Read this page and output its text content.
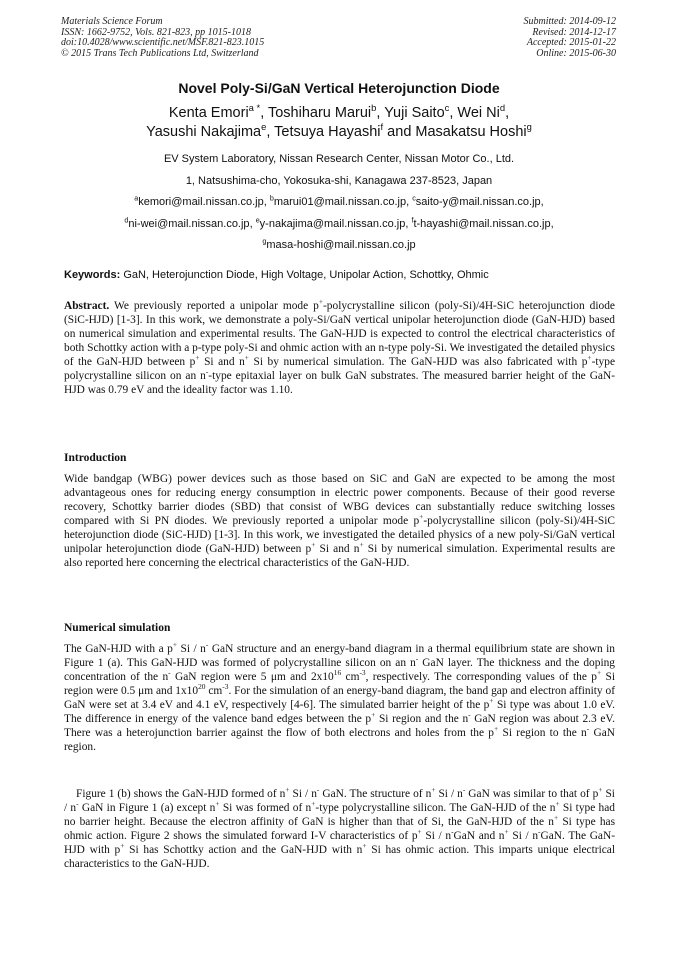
Materials Science Forum
ISSN: 1662-9752, Vols. 821-823, pp 1015-1018
doi:10.4028/www.scientific.net/MSF.821-823.1015
© 2015 Trans Tech Publications Ltd, Switzerland
Submitted: 2014-09-12
Revised: 2014-12-17
Accepted: 2015-01-22
Online: 2015-06-30
Novel Poly-Si/GaN Vertical Heterojunction Diode
Kenta Emori$^{a *}$, Toshiharu Marui$^b$, Yuji Saito$^c$, Wei Ni$^d$,
Yasushi Nakajima$^e$, Tetsuya Hayashi$^f$ and Masakatsu Hoshi$^g$
EV System Laboratory, Nissan Research Center, Nissan Motor Co., Ltd.
1, Natsushima-cho, Yokosuka-shi, Kanagawa 237-8523, Japan
$^a$kemori@mail.nissan.co.jp, $^b$marui01@mail.nissan.co.jp, $^c$saito-y@mail.nissan.co.jp,
$^d$ni-wei@mail.nissan.co.jp, $^e$y-nakajima@mail.nissan.co.jp, $^f$t-hayashi@mail.nissan.co.jp,
$^g$masa-hoshi@mail.nissan.co.jp
Keywords: GaN, Heterojunction Diode, High Voltage, Unipolar Action, Schottky, Ohmic
Abstract. We previously reported a unipolar mode p+-polycrystalline silicon (poly-Si)/4H-SiC heterojunction diode (SiC-HJD) [1-3]. In this work, we demonstrate a poly-Si/GaN vertical unipolar heterojunction diode (GaN-HJD) based on numerical simulation and experimental results. The GaN-HJD is expected to control the electrical characteristics of both Schottky action with a p-type poly-Si and ohmic action with an n-type poly-Si. We investigated the detailed physics of the GaN-HJD between p+ Si and n+ Si by numerical simulation. The GaN-HJD was also fabricated with p+-type polycrystalline silicon on an n--type epitaxial layer on bulk GaN substrates. The measured barrier height of the GaN-HJD was 0.79 eV and the ideality factor was 1.10.
Introduction
Wide bandgap (WBG) power devices such as those based on SiC and GaN are expected to be among the most advantageous ones for reducing energy consumption in electric power components. Because of their good reverse recovery, Schottky barrier diodes (SBD) that consist of WBG devices can substantially reduce switching losses compared with Si PN diodes. We previously reported a unipolar mode p+-polycrystalline silicon (poly-Si)/4H-SiC heterojunction diode (SiC-HJD) [1-3]. In this work, we investigated the detailed physics of a new poly-Si/GaN vertical unipolar heterojunction diode (GaN-HJD) between p+ Si and n+ Si by numerical simulation. Experimental results are also reported here concerning the electrical characteristics of the GaN-HJD.
Numerical simulation
The GaN-HJD with a p+ Si / n- GaN structure and an energy-band diagram in a thermal equilibrium state are shown in Figure 1 (a). This GaN-HJD was formed of polycrystalline silicon on an n- GaN layer. The thickness and the doping concentration of the n- GaN region were 5 μm and $2x10^{16}$ $cm^{-3}$, respectively. The corresponding values of the p+ Si region were 0.5 μm and $1x10^{20}$ $cm^{-3}$. For the simulation of an energy-band diagram, the band gap and electron affinity of GaN were set at 3.4 eV and 4.1 eV, respectively [4-6]. The simulated barrier height of the p+ Si type was about 1.0 eV. The difference in energy of the valence band edges between the p+ Si region and the n- GaN region was about 2.3 eV. There was a heterojunction barrier against the flow of both electrons and holes from the p+ Si region to the n- GaN region.
Figure 1 (b) shows the GaN-HJD formed of n+ Si / n- GaN. The structure of n+ Si / n- GaN was similar to that of p+ Si / n- GaN in Figure 1 (a) except n+ Si was formed of n+-type polycrystalline silicon. The GaN-HJD of the n+ Si type had no barrier height. Because the electron affinity of GaN is higher than that of Si, the GaN-HJD of the n+ Si type has ohmic action. Figure 2 shows the simulated forward I-V characteristics of p+ Si / n-GaN and n+ Si / n-GaN. The GaN-HJD with p+ Si has Schottky action and the GaN-HJD with n+ Si has ohmic action. This imparts unique electrical characteristics to the GaN-HJD.
